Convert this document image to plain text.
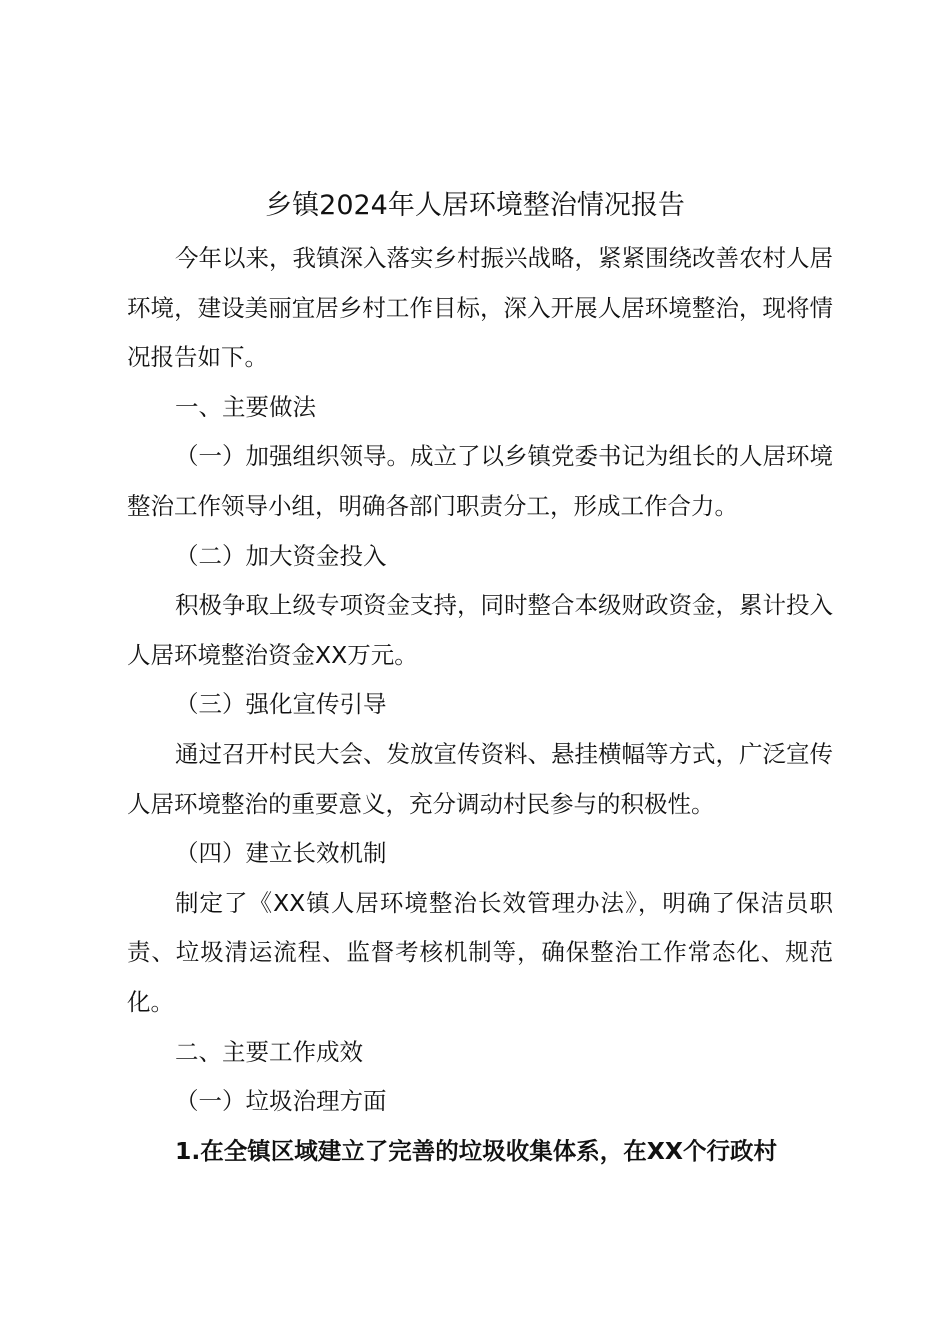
乡镇2024年人居环境整治情况报告

今年以来，我镇深入落实乡村振兴战略，紧紧围绕改善农村人居环境，建设美丽宜居乡村工作目标，深入开展人居环境整治，现将情况报告如下。

一、主要做法

（一）加强组织领导。成立了以乡镇党委书记为组长的人居环境整治工作领导小组，明确各部门职责分工，形成工作合力。

（二）加大资金投入

积极争取上级专项资金支持，同时整合本级财政资金，累计投入人居环境整治资金XX万元。

（三）强化宣传引导

通过召开村民大会、发放宣传资料、悬挂横幅等方式，广泛宣传人居环境整治的重要意义，充分调动村民参与的积极性。

（四）建立长效机制

制定了《XX镇人居环境整治长效管理办法》，明确了保洁员职责、垃圾清运流程、监督考核机制等，确保整治工作常态化、规范化。

二、主要工作成效

（一）垃圾治理方面

1.在全镇区域建立了完善的垃圾收集体系，在XX个行政村
